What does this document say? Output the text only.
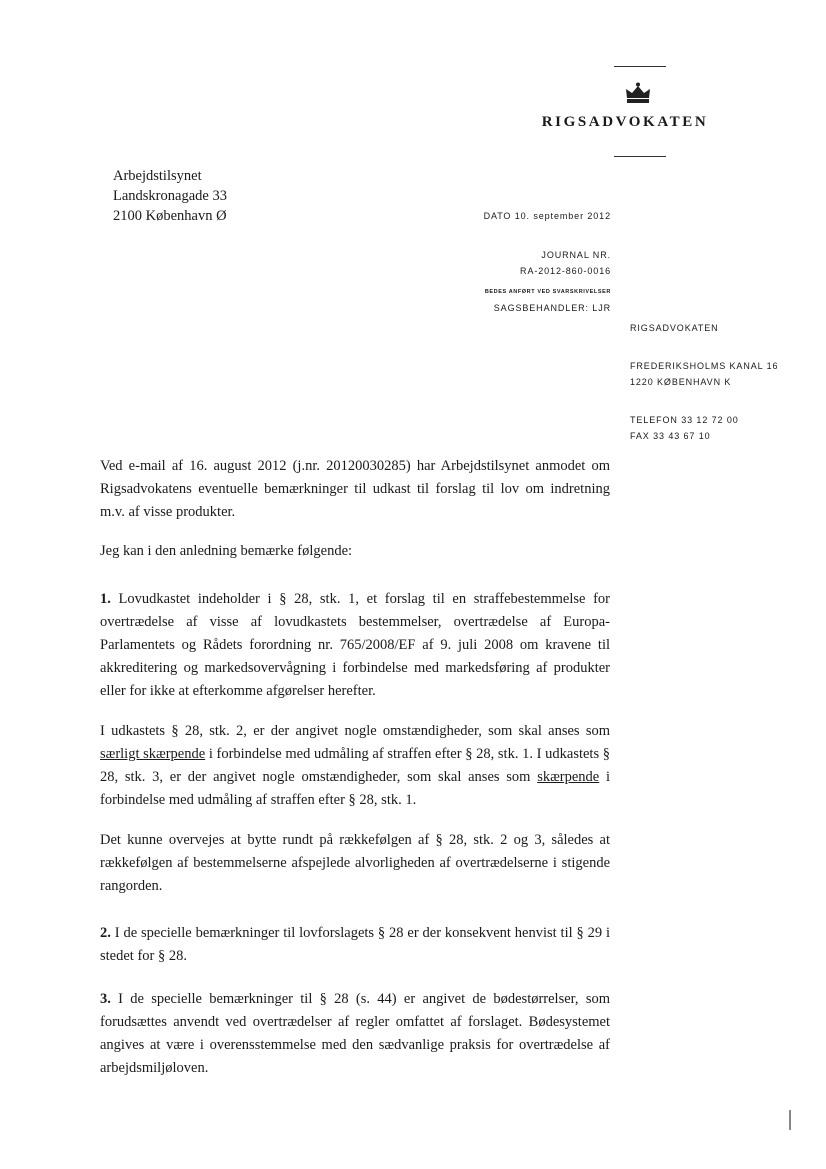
RIGSADVOKATEN
Arbejdstilsynet
Landskronagade 33
2100 København Ø	DATO 10. september 2012
JOURNAL NR.
RA-2012-860-0016
BEDES ANFØRT VED SVARSKRIVELSER
SAGSBEHANDLER: LJR
RIGSADVOKATEN
FREDERIKSHOLMS KANAL 16
1220 KØBENHAVN K
TELEFON 33 12 72 00
FAX 33 43 67 10

Ved e-mail af 16. august 2012 (j.nr. 20120030285) har Arbejdstilsynet anmodet om Rigsadvokatens eventuelle bemærkninger til udkast til forslag til lov om indretning m.v. af visse produkter.

Jeg kan i den anledning bemærke følgende:

1. Lovudkastet indeholder i § 28, stk. 1, et forslag til en straffebestemmelse for overtrædelse af visse af lovudkastets bestemmelser, overtrædelse af Europa-Parlamentets og Rådets forordning nr. 765/2008/EF af 9. juli 2008 om kravene til akkreditering og markedsovervågning i forbindelse med markedsføring af produkter eller for ikke at efterkomme afgørelser herefter.

I udkastets § 28, stk. 2, er der angivet nogle omstændigheder, som skal anses som særligt skærpende i forbindelse med udmåling af straffen efter § 28, stk. 1. I udkastets § 28, stk. 3, er der angivet nogle omstændigheder, som skal anses som skærpende i forbindelse med udmåling af straffen efter § 28, stk. 1.

Det kunne overvejes at bytte rundt på rækkefølgen af § 28, stk. 2 og 3, således at rækkefølgen af bestemmelserne afspejlede alvorligheden af overtrædelserne i stigende rangorden.

2. I de specielle bemærkninger til lovforslagets § 28 er der konsekvent henvist til § 29 i stedet for § 28.

3. I de specielle bemærkninger til § 28 (s. 44) er angivet de bødestørrelser, som forudsættes anvendt ved overtrædelser af regler omfattet af forslaget. Bødesystemet angives at være i overensstemmelse med den sædvanlige praksis for overtrædelse af arbejdsmiljøloven.
